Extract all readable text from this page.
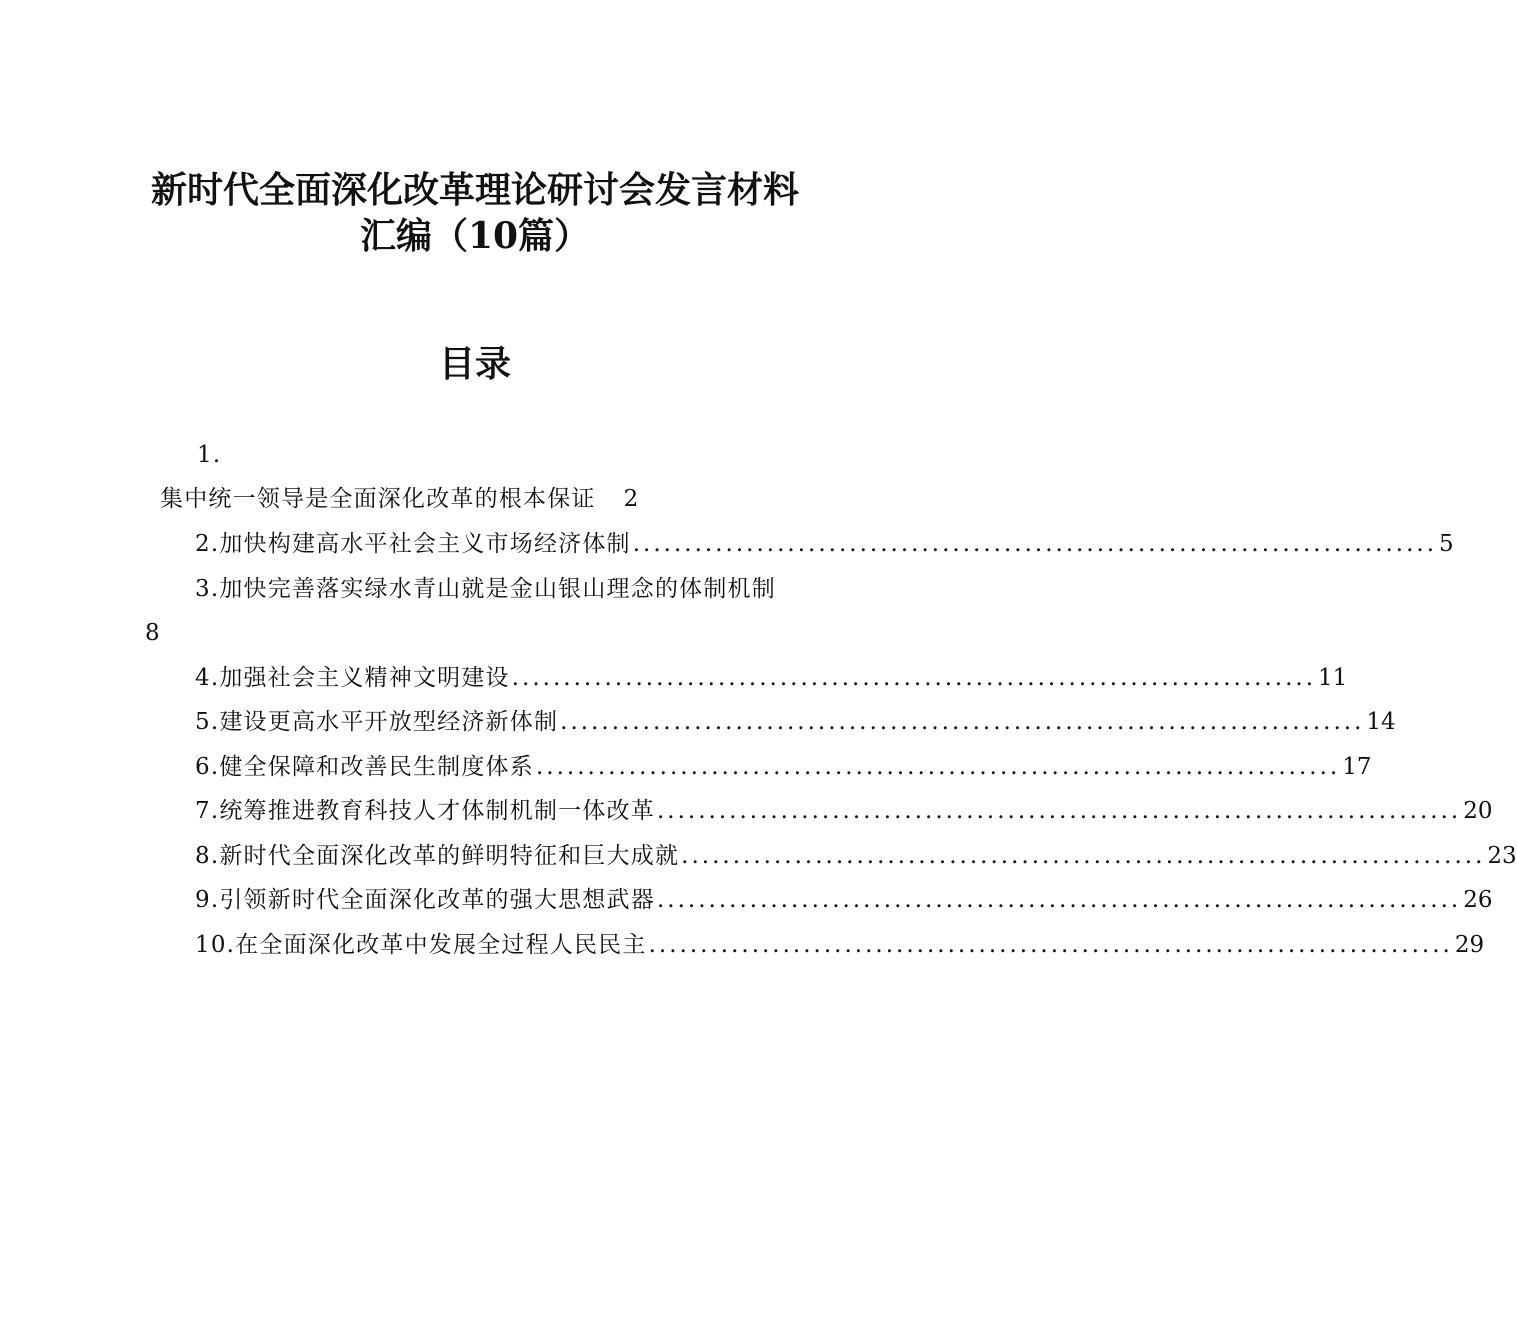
新时代全面深化改革理论研讨会发言材料
汇编（10篇）
目录
1.
集中统一领导是全面深化改革的根本保证 2
2.加快构建高水平社会主义市场经济体制 .............................................................................. 5
3.加快完善落实绿水青山就是金山银山理念的体制机制
8
4.加强社会主义精神文明建设 .............................................................................. 11
5.建设更高水平开放型经济新体制 .............................................................................. 14
6.健全保障和改善民生制度体系 .............................................................................. 17
7.统筹推进教育科技人才体制机制一体改革 .............................................................................. 20
8.新时代全面深化改革的鲜明特征和巨大成就 .............................................................................. 23
9.引领新时代全面深化改革的强大思想武器 .............................................................................. 26
10.在全面深化改革中发展全过程人民民主 .............................................................................. 29
